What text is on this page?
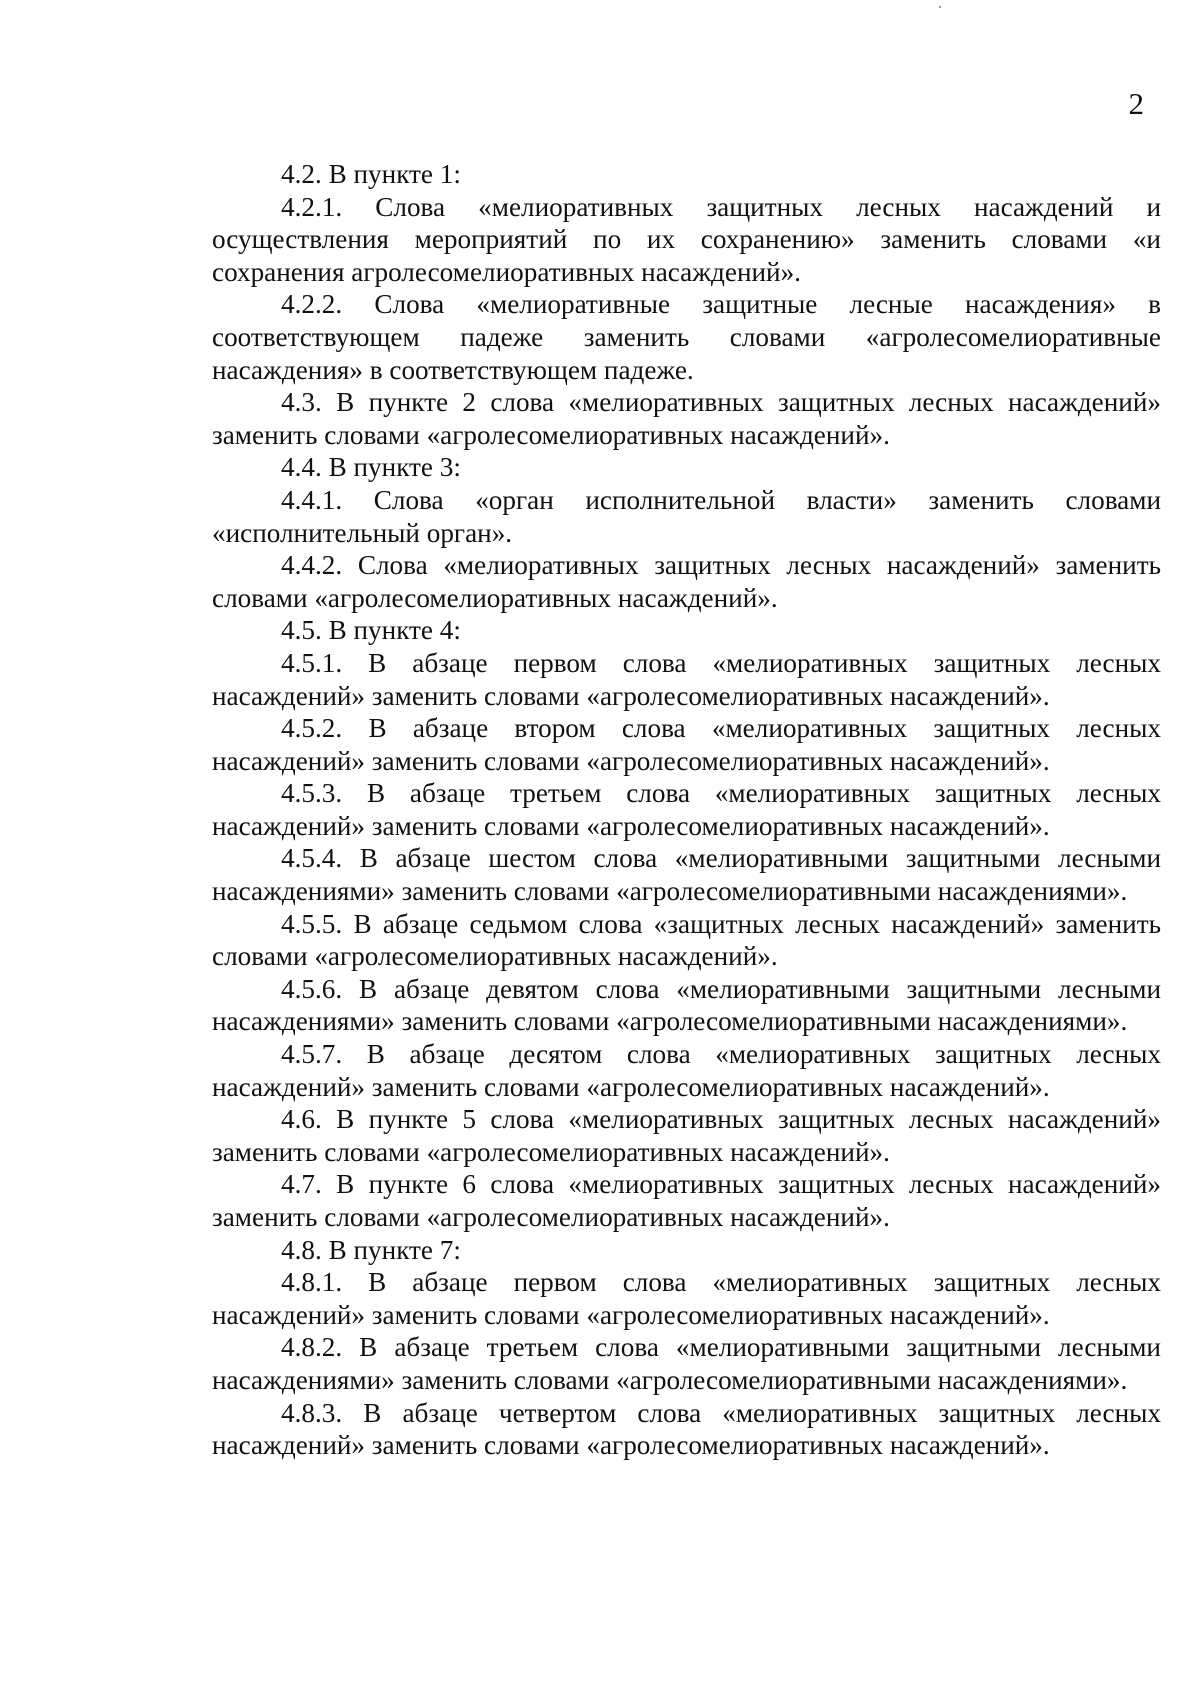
2

4.2. В пункте 1:

4.2.1. Слова «мелиоративных защитных лесных насаждений и осуществления мероприятий по их сохранению» заменить словами «и сохранения агролесомелиоративных насаждений».

4.2.2. Слова «мелиоративные защитные лесные насаждения» в соответствующем падеже заменить словами «агролесомелиоративные насаждения» в соответствующем падеже.

4.3. В пункте 2 слова «мелиоративных защитных лесных насаждений» заменить словами «агролесомелиоративных насаждений».

4.4. В пункте 3:

4.4.1. Слова «орган исполнительной власти» заменить словами «исполнительный орган».

4.4.2. Слова «мелиоративных защитных лесных насаждений» заменить словами «агролесомелиоративных насаждений».

4.5. В пункте 4:

4.5.1. В абзаце первом слова «мелиоративных защитных лесных насаждений» заменить словами «агролесомелиоративных насаждений».

4.5.2. В абзаце втором слова «мелиоративных защитных лесных насаждений» заменить словами «агролесомелиоративных насаждений».

4.5.3. В абзаце третьем слова «мелиоративных защитных лесных насаждений» заменить словами «агролесомелиоративных насаждений».

4.5.4. В абзаце шестом слова «мелиоративными защитными лесными насаждениями» заменить словами «агролесомелиоративными насаждениями».

4.5.5. В абзаце седьмом слова «защитных лесных насаждений» заменить словами «агролесомелиоративных насаждений».

4.5.6. В абзаце девятом слова «мелиоративными защитными лесными насаждениями» заменить словами «агролесомелиоративными насаждениями».

4.5.7. В абзаце десятом слова «мелиоративных защитных лесных насаждений» заменить словами «агролесомелиоративных насаждений».

4.6. В пункте 5 слова «мелиоративных защитных лесных насаждений» заменить словами «агролесомелиоративных насаждений».

4.7. В пункте 6 слова «мелиоративных защитных лесных насаждений» заменить словами «агролесомелиоративных насаждений».

4.8. В пункте 7:

4.8.1. В абзаце первом слова «мелиоративных защитных лесных насаждений» заменить словами «агролесомелиоративных насаждений».

4.8.2. В абзаце третьем слова «мелиоративными защитными лесными насаждениями» заменить словами «агролесомелиоративными насаждениями».

4.8.3. В абзаце четвертом слова «мелиоративных защитных лесных насаждений» заменить словами «агролесомелиоративных насаждений».
